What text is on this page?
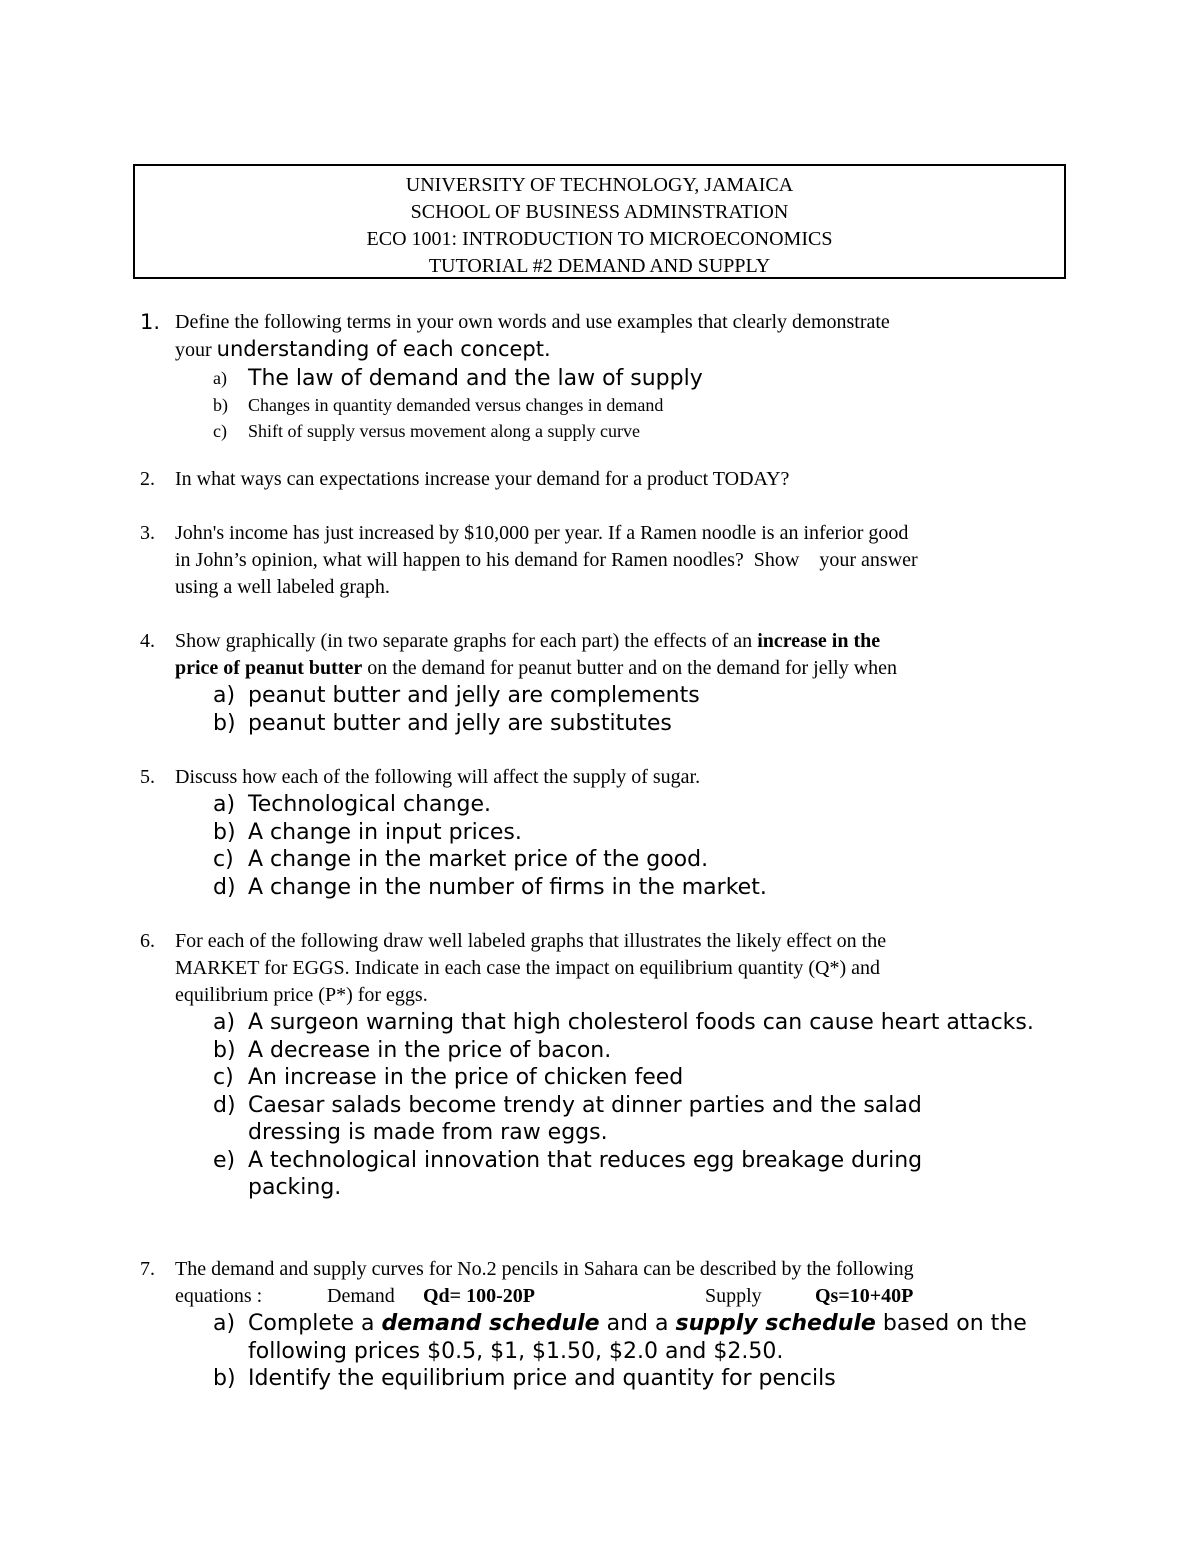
UNIVERSITY OF TECHNOLOGY, JAMAICA
SCHOOL OF BUSINESS ADMINSTRATION
ECO 1001: INTRODUCTION TO MICROECONOMICS
TUTORIAL #2 DEMAND AND SUPPLY
1. Define the following terms in your own words and use examples that clearly demonstrate
your understanding of each concept.
a) The law of demand and the law of supply
b) Changes in quantity demanded versus changes in demand
c) Shift of supply versus movement along a supply curve
2. In what ways can expectations increase your demand for a product TODAY?
3. John's income has just increased by $10,000 per year. If a Ramen noodle is an inferior good
in John’s opinion, what will happen to his demand for Ramen noodles?  Show    your answer
using a well labeled graph.
4. Show graphically (in two separate graphs for each part) the effects of an increase in the
price of peanut butter on the demand for peanut butter and on the demand for jelly when
a) peanut butter and jelly are complements
b) peanut butter and jelly are substitutes
5. Discuss how each of the following will affect the supply of sugar.
a) Technological change.
b) A change in input prices.
c) A change in the market price of the good.
d) A change in the number of firms in the market.
6. For each of the following draw well labeled graphs that illustrates the likely effect on the
MARKET for EGGS. Indicate in each case the impact on equilibrium quantity (Q*) and
equilibrium price (P*) for eggs.
a) A surgeon warning that high cholesterol foods can cause heart attacks.
b) A decrease in the price of bacon.
c) An increase in the price of chicken feed
d) Caesar salads become trendy at dinner parties and the salad dressing is made from raw eggs.
e) A technological innovation that reduces egg breakage during packing.
7. The demand and supply curves for No.2 pencils in Sahara can be described by the following
equations :	Demand Qd= 100-20P	Supply	Qs=10+40P
a) Complete a demand schedule and a supply schedule based on the following prices $0.5, $1, $1.50, $2.0 and $2.50.
b) Identify the equilibrium price and quantity for pencils
